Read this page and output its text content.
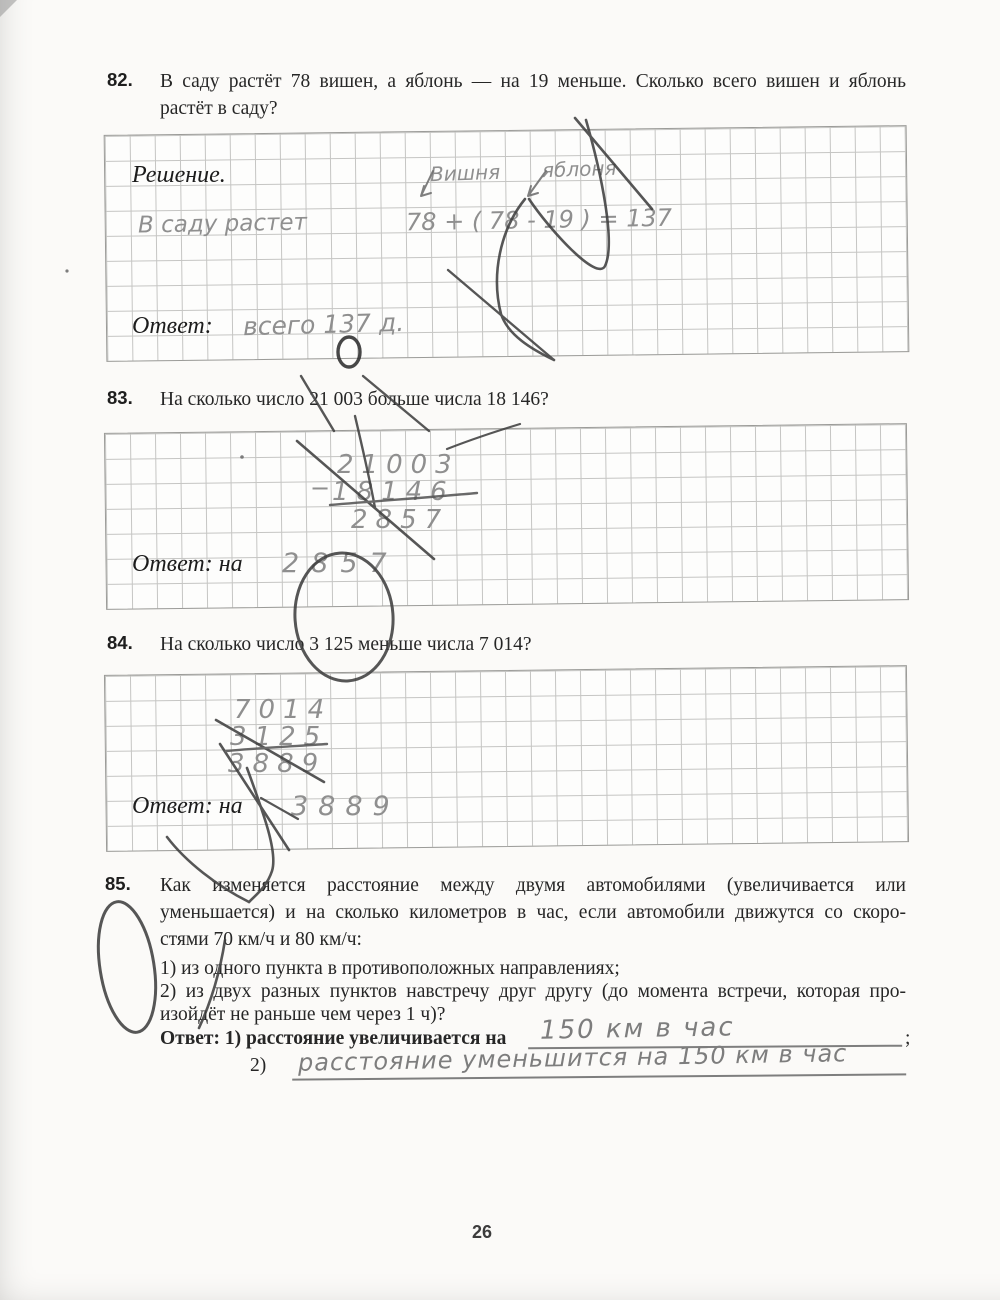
82. В саду растёт 78 вишен, а яблонь — на 19 меньше. Сколько всего вишен и яблонь
растёт в саду?
Решение.
Ответ:
В саду растет
Вишня яблоня
78 + ( 78 - 19 ) = 137
всего 137 д.
83. На сколько число 21 003 больше числа 18 146?
Ответ: на
−
21003
18146
2857
2857
84. На сколько число 3 125 меньше числа 7 014?
Ответ: на
7014
3125
3889
3889
85. Как изменяется расстояние между двумя автомобилями (увеличивается или
уменьшается) и на сколько километров в час, если автомобили движутся со скоро-
стями 70 км/ч и 80 км/ч:
1) из одного пункта в противоположных направлениях;
2) из двух разных пунктов навстречу друг другу (до момента встречи, которая про-
изойдёт не раньше чем через 1 ч)?
Ответ: 1) расстояние увеличивается на 150 км в час	;
2) расстояние уменьшится на 150 км в час
26
